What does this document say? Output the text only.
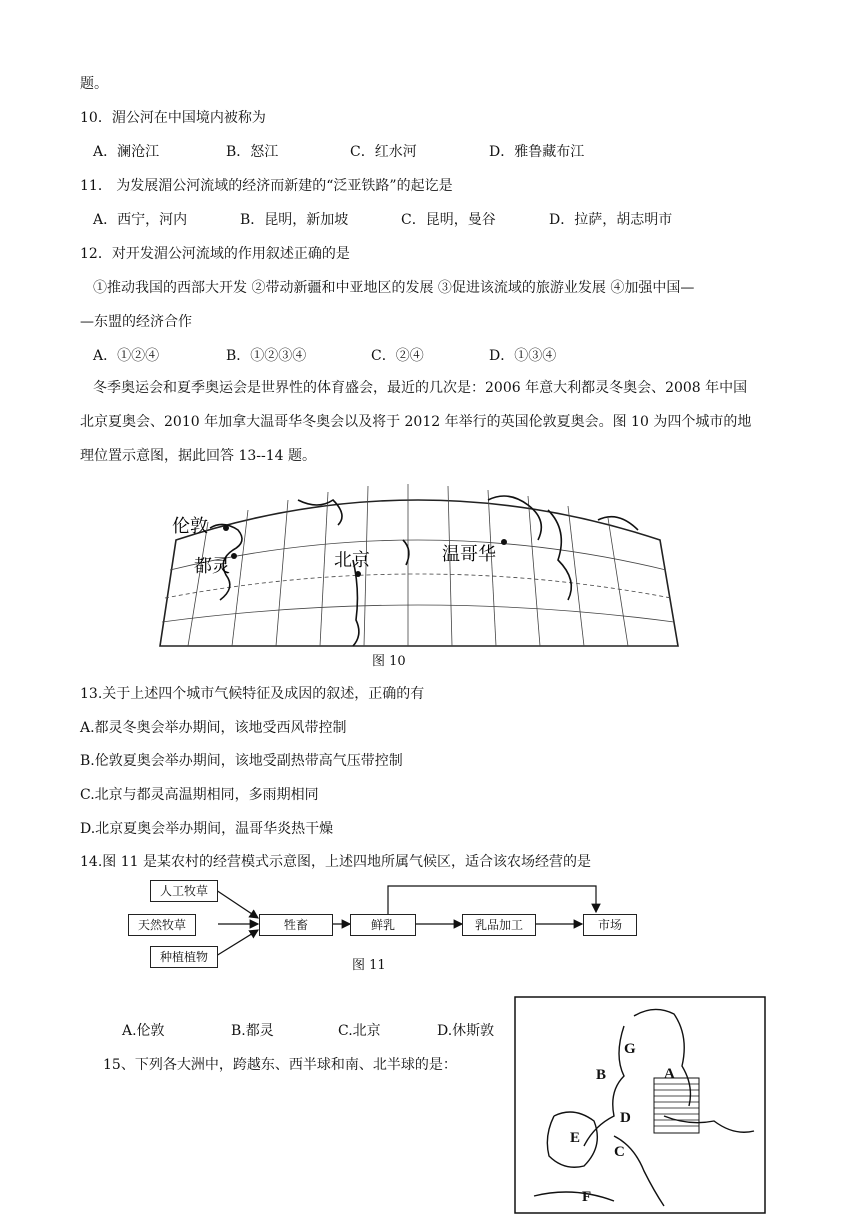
题。
10．湄公河在中国境内被称为
A．澜沧江	B．怒江	C．红水河	D．雅鲁藏布江
11． 为发展湄公河流域的经济而新建的“泛亚铁路”的起讫是
A．西宁，河内	B．昆明，新加坡	C．昆明，曼谷	D．拉萨，胡志明市
12．对开发湄公河流域的作用叙述正确的是
①推动我国的西部大开发 ②带动新疆和中亚地区的发展 ③促进该流域的旅游业发展 ④加强中国—
—东盟的经济合作
A．①②④	B．①②③④	C．②④	D．①③④
冬季奥运会和夏季奥运会是世界性的体育盛会，最近的几次是：2006 年意大利都灵冬奥会、2008 年中国
北京夏奥会、2010 年加拿大温哥华冬奥会以及将于 2012 年举行的英国伦敦夏奥会。图 10 为四个城市的地
理位置示意图，据此回答 13--14 题。
伦敦
都灵	北京	温哥华
图 10
13.关于上述四个城市气候特征及成因的叙述，正确的有
A.都灵冬奥会举办期间，该地受西风带控制
B.伦敦夏奥会举办期间，该地受副热带高气压带控制
C.北京与都灵高温期相同，多雨期相同
D.北京夏奥会举办期间，温哥华炎热干燥
14.图 11 是某农村的经营模式示意图，上述四地所属气候区，适合该农场经营的是
人工牧草
天然牧草
种植植物
牲畜	鲜乳	乳品加工	市场
图 11
A.伦敦	B.都灵	C.北京	D.休斯敦
15、下列各大洲中，跨越东、西半球和南、北半球的是：
G
B	A
D
E
C
F
